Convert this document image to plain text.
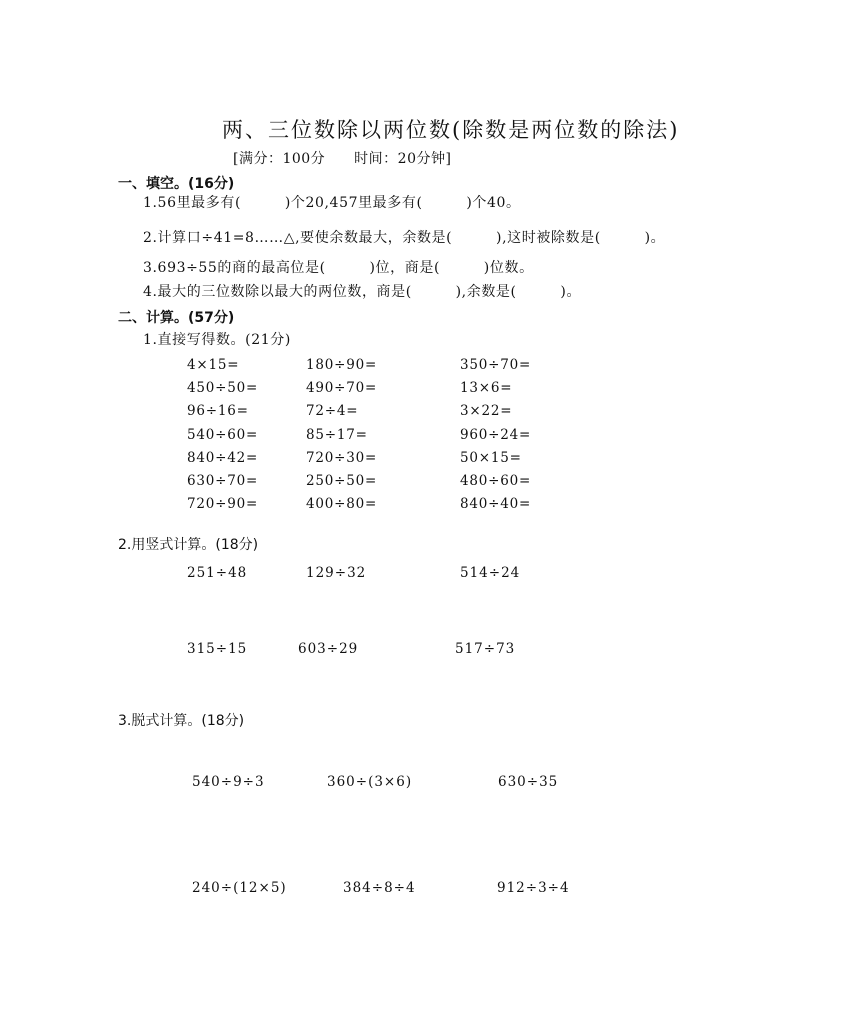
两、三位数除以两位数(除数是两位数的除法)
[满分：100分　　时间：20分钟]
一、填空。(16分)
1.56里最多有(　　　)个20,457里最多有(　　　)个40。
2.计算口÷41=8……△,要使余数最大，余数是(　　　),这时被除数是(　　　)。
3.693÷55的商的最高位是(　　　)位，商是(　　　)位数。
4.最大的三位数除以最大的两位数，商是(　　　),余数是(　　　)。
二、计算。(57分)
1.直接写得数。(21分)
4×15=	180÷90=	350÷70=
450÷50=	490÷70=	13×6=
96÷16=	72÷4=	3×22=
540÷60=	85÷17=	960÷24=
840÷42=	720÷30=	50×15=
630÷70=	250÷50=	480÷60=
720÷90=	400÷80=	840÷40=
2.用竖式计算。(18分)
251÷48	129÷32	514÷24
315÷15	603÷29	517÷73
3.脱式计算。(18分)
540÷9÷3	360÷(3×6)	630÷35
240÷(12×5)	384÷8÷4	912÷3÷4
